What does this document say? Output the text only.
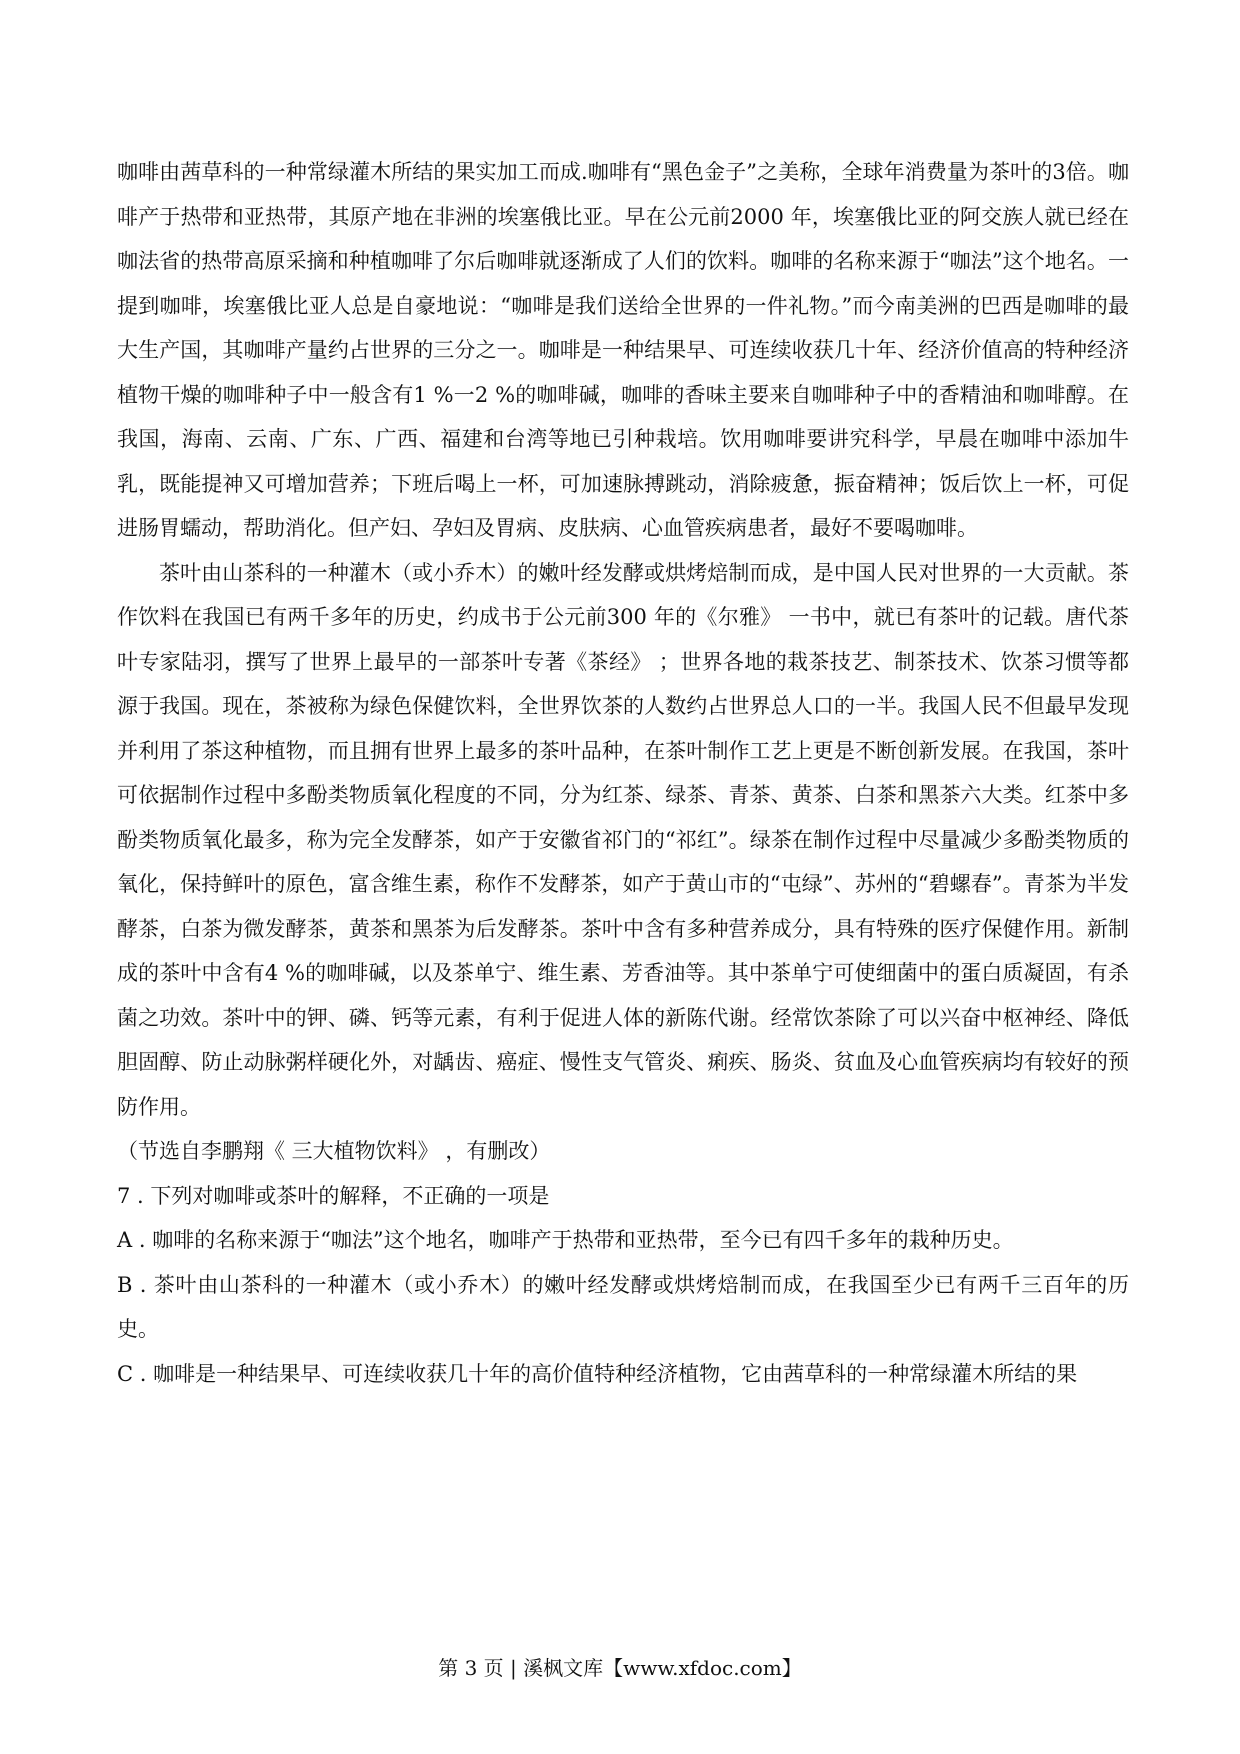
咖啡由茜草科的一种常绿灌木所结的果实加工而成.咖啡有“黑色金子”之美称，全球年消费量为茶叶的3倍。咖啡产于热带和亚热带，其原产地在非洲的埃塞俄比亚。早在公元前2000 年，埃塞俄比亚的阿交族人就已经在咖法省的热带高原采摘和种植咖啡了尔后咖啡就逐渐成了人们的饮料。咖啡的名称来源于“咖法”这个地名。一提到咖啡，埃塞俄比亚人总是自豪地说：“咖啡是我们送给全世界的一件礼物。”而今南美洲的巴西是咖啡的最大生产国，其咖啡产量约占世界的三分之一。咖啡是一种结果早、可连续收获几十年、经济价值高的特种经济植物干燥的咖啡种子中一般含有1 %一2 %的咖啡碱，咖啡的香味主要来自咖啡种子中的香精油和咖啡醇。在我国，海南、云南、广东、广西、福建和台湾等地已引种栽培。饮用咖啡要讲究科学，早晨在咖啡中添加牛乳，既能提神又可增加营养；下班后喝上一杯，可加速脉搏跳动，消除疲惫，振奋精神；饭后饮上一杯，可促进肠胃蠕动，帮助消化。但产妇、孕妇及胃病、皮肤病、心血管疾病患者，最好不要喝咖啡。

茶叶由山茶科的一种灌木（或小乔木）的嫩叶经发酵或烘烤焙制而成，是中国人民对世界的一大贡献。茶作饮料在我国已有两千多年的历史，约成书于公元前300 年的《尔雅》 一书中，就已有茶叶的记载。唐代茶叶专家陆羽，撰写了世界上最早的一部茶叶专著《茶经》 ；世界各地的栽茶技艺、制茶技术、饮茶习惯等都源于我国。现在，茶被称为绿色保健饮料，全世界饮茶的人数约占世界总人口的一半。我国人民不但最早发现并利用了茶这种植物，而且拥有世界上最多的茶叶品种，在茶叶制作工艺上更是不断创新发展。在我国，茶叶可依据制作过程中多酚类物质氧化程度的不同，分为红茶、绿茶、青茶、黄茶、白茶和黑茶六大类。红茶中多酚类物质氧化最多，称为完全发酵茶，如产于安徽省祁门的“祁红”。绿茶在制作过程中尽量减少多酚类物质的氧化，保持鲜叶的原色，富含维生素，称作不发酵茶，如产于黄山市的“屯绿”、苏州的“碧螺春”。青茶为半发酵茶，白茶为微发酵茶，黄茶和黑茶为后发酵茶。茶叶中含有多种营养成分，具有特殊的医疗保健作用。新制成的茶叶中含有4 %的咖啡碱，以及茶单宁、维生素、芳香油等。其中茶单宁可使细菌中的蛋白质凝固，有杀菌之功效。茶叶中的钾、磷、钙等元素，有利于促进人体的新陈代谢。经常饮茶除了可以兴奋中枢神经、降低胆固醇、防止动脉粥样硬化外，对龋齿、癌症、慢性支气管炎、痢疾、肠炎、贫血及心血管疾病均有较好的预防作用。

（节选自李鹏翔《 三大植物饮料》 ，有删改）

7 . 下列对咖啡或茶叶的解释，不正确的一项是

A . 咖啡的名称来源于“咖法”这个地名，咖啡产于热带和亚热带，至今已有四千多年的栽种历史。

B . 茶叶由山茶科的一种灌木（或小乔木）的嫩叶经发酵或烘烤焙制而成，在我国至少已有两千三百年的历史。

C . 咖啡是一种结果早、可连续收获几十年的高价值特种经济植物，它由茜草科的一种常绿灌木所结的果

第 3 页 | 溪枫文库【www.xfdoc.com】
